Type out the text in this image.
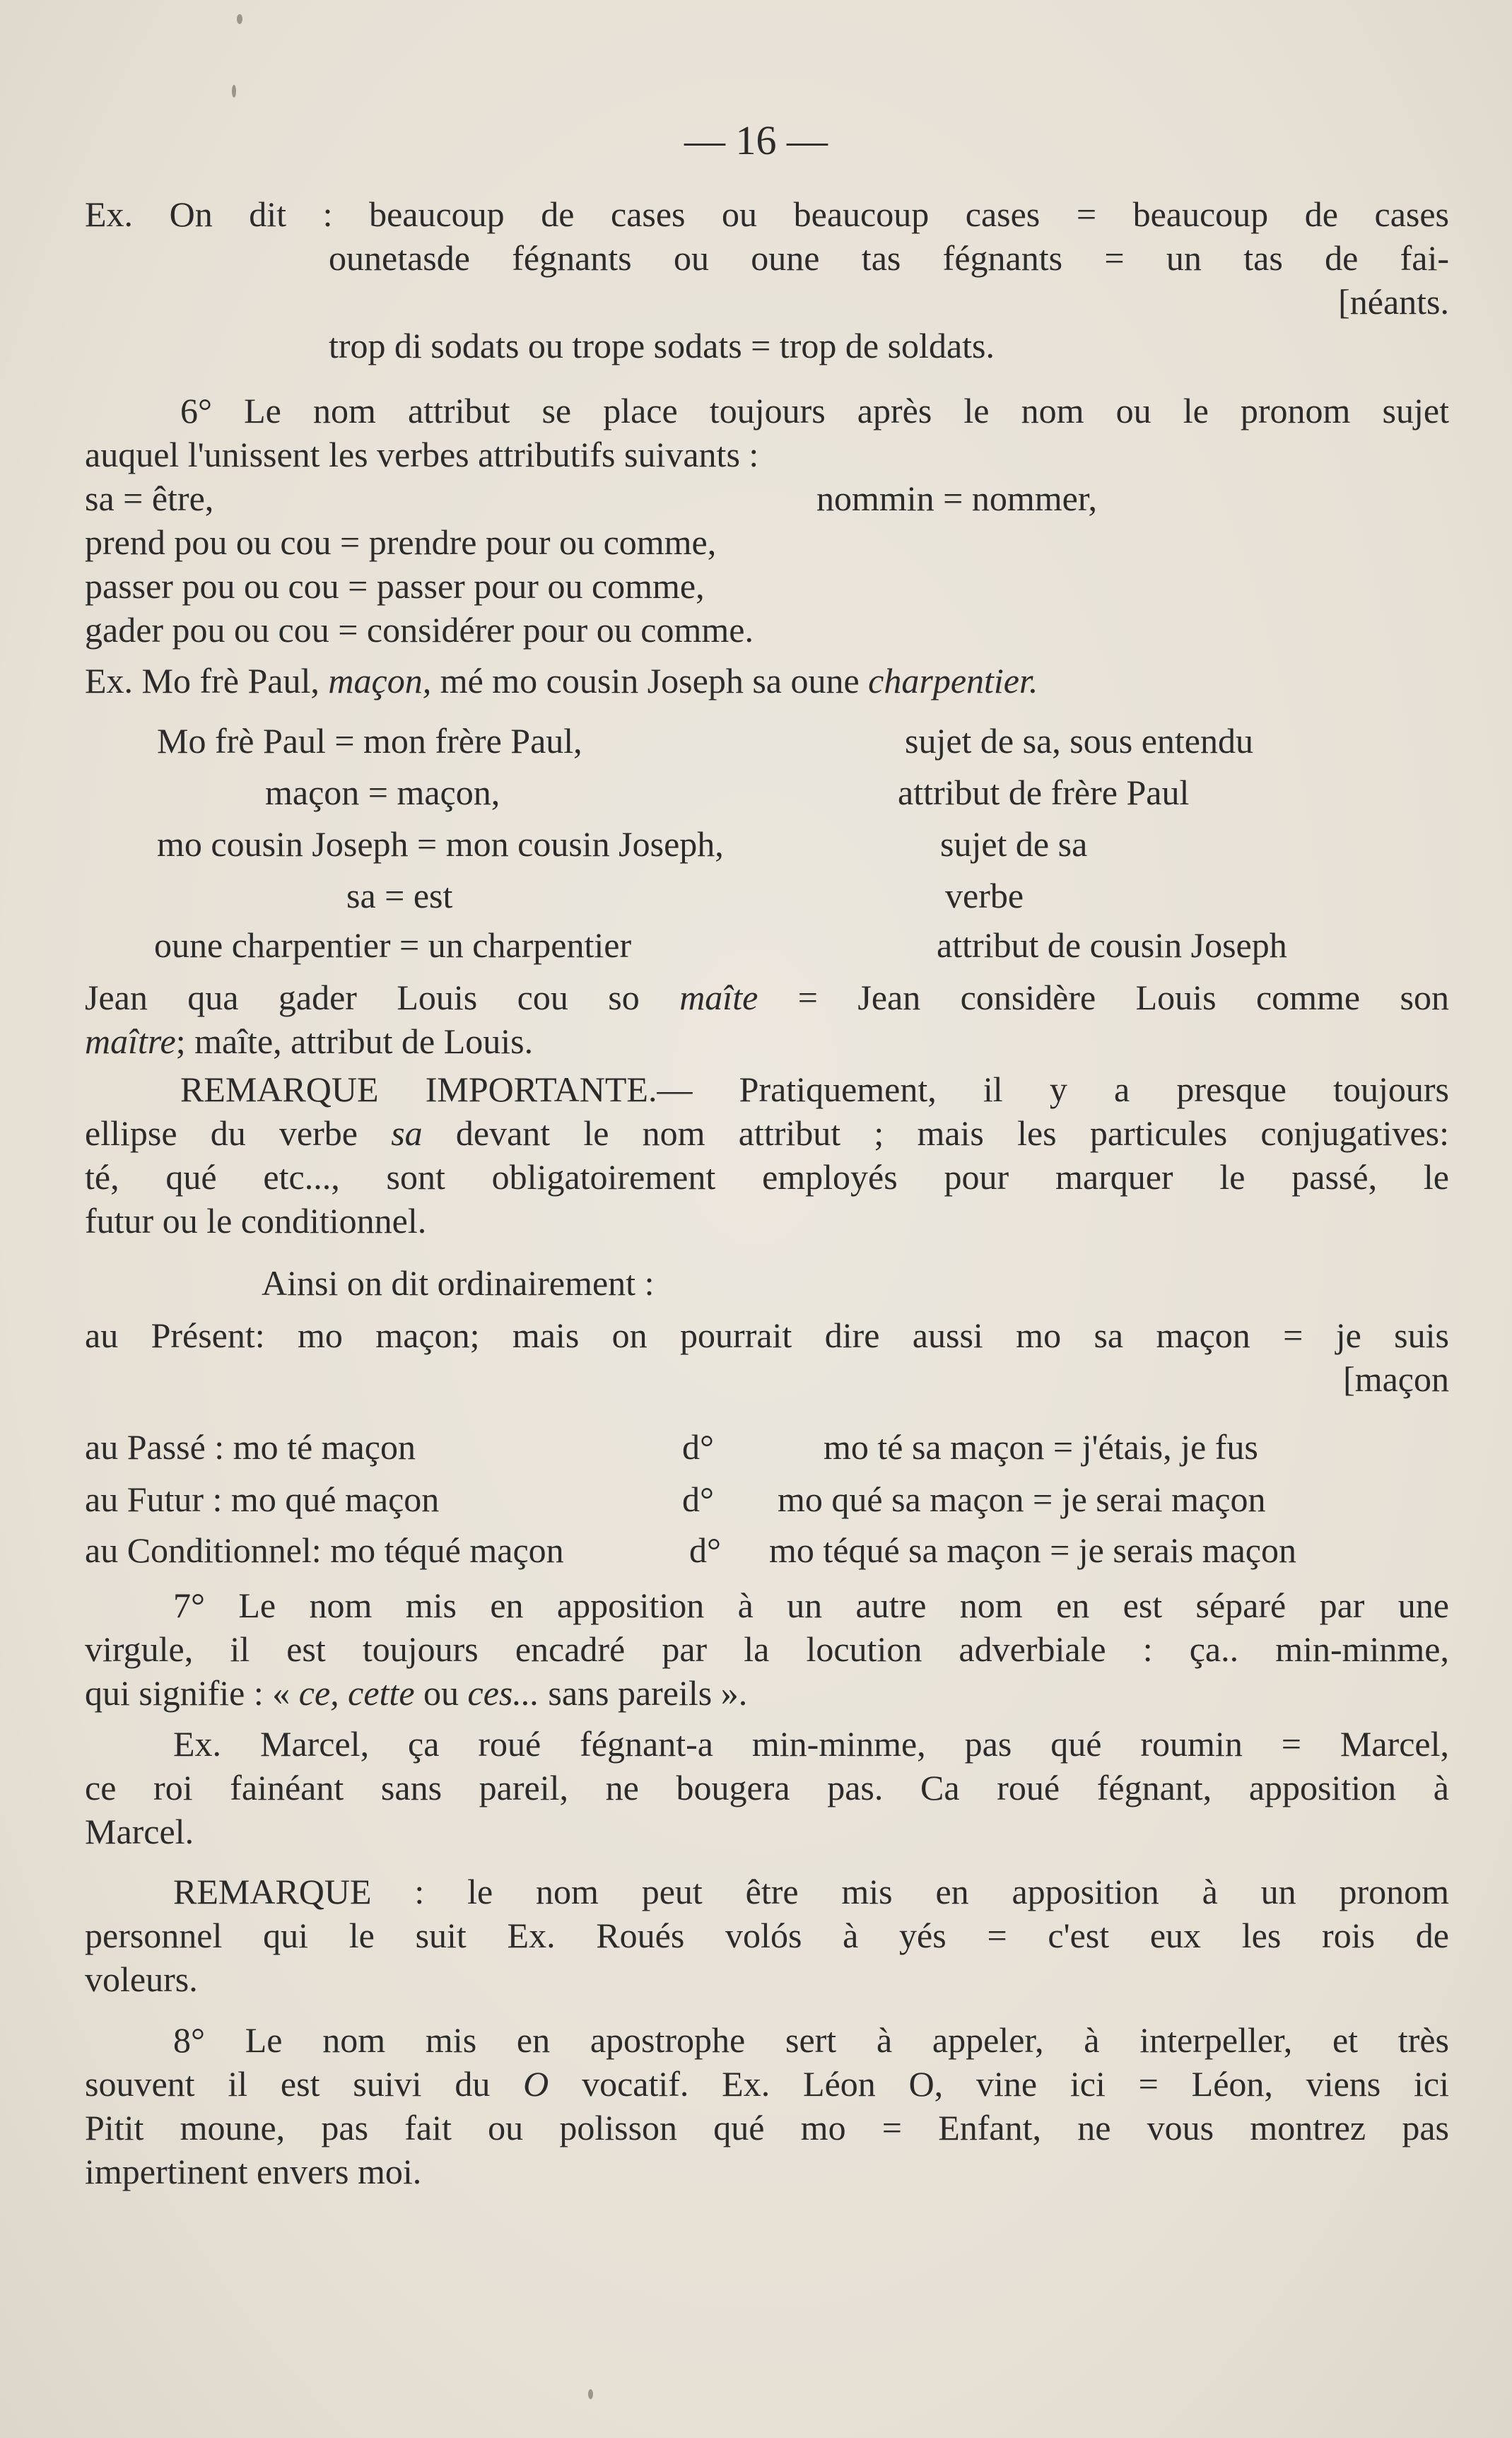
— 16 —
Ex. On dit : beaucoup de cases ou beaucoup cases = beaucoup de cases
ounetasde fégnants ou oune tas fégnants = un tas de fai-
[néants.
trop di sodats ou trope sodats = trop de soldats.
6° Le nom attribut se place toujours après le nom ou le pronom sujet
auquel l'unissent les verbes attributifs suivants :
sa = être,	nommin = nommer,
prend pou ou cou = prendre pour ou comme,
passer pou ou cou = passer pour ou comme,
gader pou ou cou = considérer pour ou comme.
Ex. Mo frè Paul, maçon, mé mo cousin Joseph sa oune charpentier.
Mo frè Paul = mon frère Paul,	sujet de sa, sous entendu
maçon = maçon,	attribut de frère Paul
mo cousin Joseph = mon cousin Joseph,	sujet de sa
sa = est	verbe
oune charpentier = un charpentier	attribut de cousin Joseph
Jean qua gader Louis cou so maîte = Jean considère Louis comme son
maître; maîte, attribut de Louis.
REMARQUE IMPORTANTE.— Pratiquement, il y a presque toujours
ellipse du verbe sa devant le nom attribut ; mais les particules conjugatives:
té, qué etc..., sont obligatoirement employés pour marquer le passé, le
futur ou le conditionnel.
Ainsi on dit ordinairement :
au Présent: mo maçon; mais on pourrait dire aussi mo sa maçon = je suis
[maçon
au Passé : mo té maçon	d°	mo té sa maçon = j'étais, je fus
au Futur : mo qué maçon	d° mo qué sa maçon = je serai maçon
au Conditionnel: mo téqué maçon	d° mo téqué sa maçon = je serais maçon
7° Le nom mis en apposition à un autre nom en est séparé par une
virgule, il est toujours encadré par la locution adverbiale : ça.. min-minme,
qui signifie : « ce, cette ou ces... sans pareils ».
Ex. Marcel, ça roué fégnant-a min-minme, pas qué roumin = Marcel,
ce roi fainéant sans pareil, ne bougera pas. Ca roué fégnant, apposition à
Marcel.
REMARQUE : le nom peut être mis en apposition à un pronom
personnel qui le suit Ex. Roués volós à yés = c'est eux les rois de
voleurs.
8° Le nom mis en apostrophe sert à appeler, à interpeller, et très
souvent il est suivi du O vocatif. Ex. Léon O, vine ici = Léon, viens ici
Pitit moune, pas fait ou polisson qué mo = Enfant, ne vous montrez pas
impertinent envers moi.
